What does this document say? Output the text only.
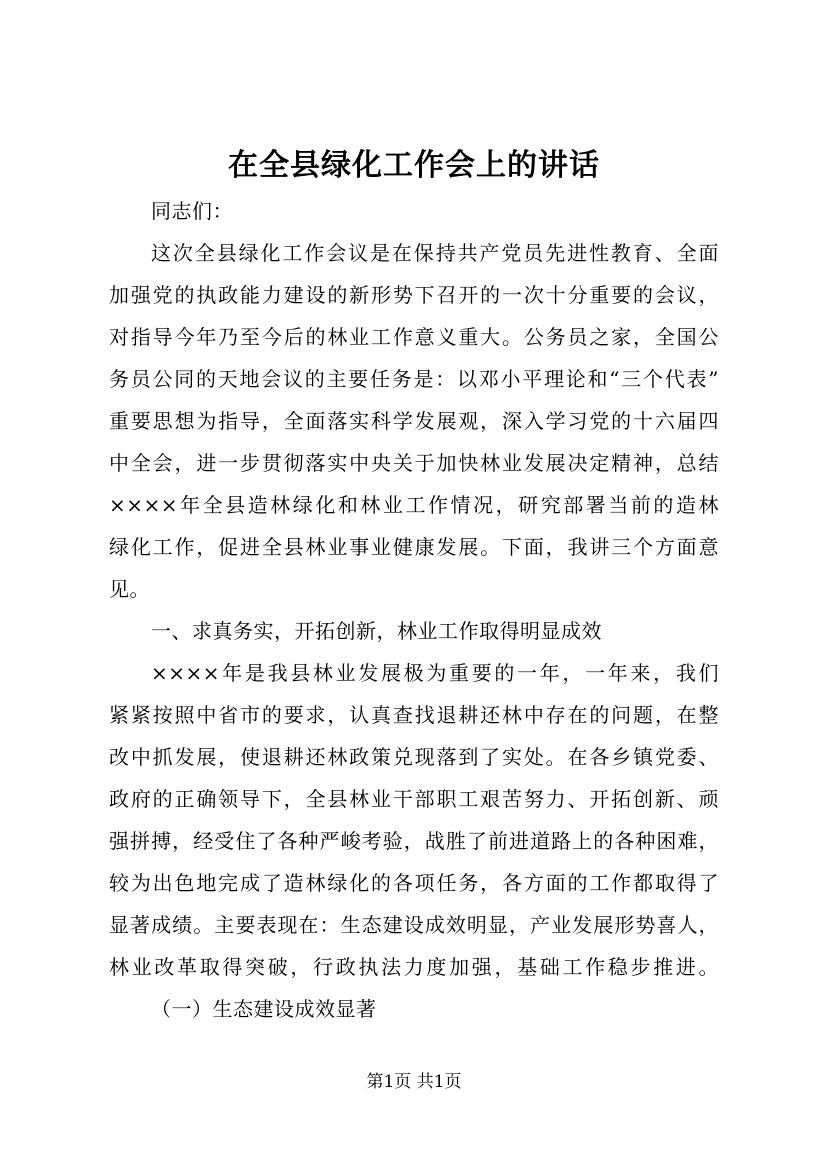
在全县绿化工作会上的讲话
同志们：
这次全县绿化工作会议是在保持共产党员先进性教育、全面
加强党的执政能力建设的新形势下召开的一次十分重要的会议，
对指导今年乃至今后的林业工作意义重大。公务员之家，全国公
务员公同的天地会议的主要任务是：以邓小平理论和“三个代表”
重要思想为指导，全面落实科学发展观，深入学习党的十六届四
中全会，进一步贯彻落实中央关于加快林业发展决定精神，总结
××××年全县造林绿化和林业工作情况，研究部署当前的造林
绿化工作，促进全县林业事业健康发展。下面，我讲三个方面意
见。
一、求真务实，开拓创新，林业工作取得明显成效
××××年是我县林业发展极为重要的一年，一年来，我们
紧紧按照中省市的要求，认真查找退耕还林中存在的问题，在整
改中抓发展，使退耕还林政策兑现落到了实处。在各乡镇党委、
政府的正确领导下，全县林业干部职工艰苦努力、开拓创新、顽
强拼搏，经受住了各种严峻考验，战胜了前进道路上的各种困难，
较为出色地完成了造林绿化的各项任务，各方面的工作都取得了
显著成绩。主要表现在：生态建设成效明显，产业发展形势喜人，
林业改革取得突破，行政执法力度加强，基础工作稳步推进。
（一）生态建设成效显著
第1页 共1页
